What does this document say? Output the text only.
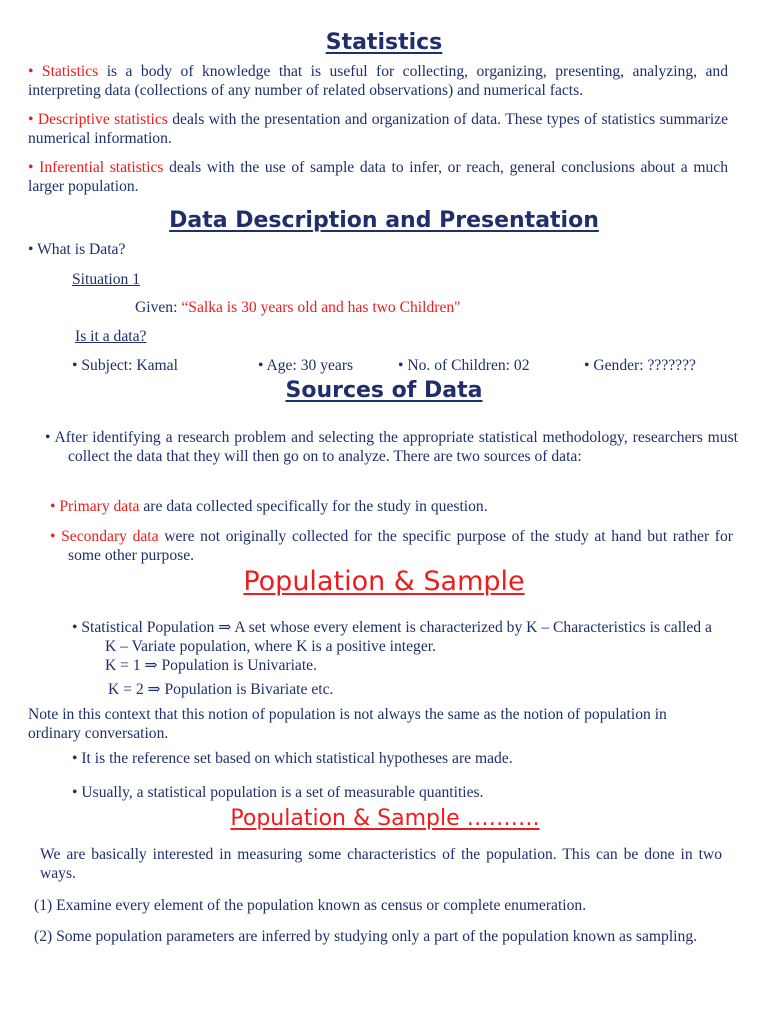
Statistics

• Statistics is a body of knowledge that is useful for collecting, organizing, presenting, analyzing, and interpreting data (collections of any number of related observations) and numerical facts.

• Descriptive statistics deals with the presentation and organization of data. These types of statistics summarize numerical information.

• Inferential statistics deals with the use of sample data to infer, or reach, general conclusions about a much larger population.

Data Description and Presentation

• What is Data?

Situation 1

Given: “Salka is 30 years old and has two Children"

Is it a data?

• Subject: Kamal	• Age: 30 years	• No. of Children: 02	• Gender: ???????

Sources of Data

• After identifying a research problem and selecting the appropriate statistical methodology, researchers must collect the data that they will then go on to analyze. There are two sources of data:

• Primary data are data collected specifically for the study in question.

• Secondary data were not originally collected for the specific purpose of the study at hand but rather for some other purpose.

Population & Sample

• Statistical Population ⇒ A set whose every element is characterized by K – Characteristics is called a K – Variate population, where K is a positive integer.

K = 1 ⇒ Population is Univariate.

K = 2 ⇒ Population is Bivariate etc.

Note in this context that this notion of population is not always the same as the notion of population in ordinary conversation.

• It is the reference set based on which statistical hypotheses are made.

• Usually, a statistical population is a set of measurable quantities.

Population & Sample ……….

We are basically interested in measuring some characteristics of the population. This can be done in two ways.

(1) Examine every element of the population known as census or complete enumeration.

(2) Some population parameters are inferred by studying only a part of the population known as sampling.
